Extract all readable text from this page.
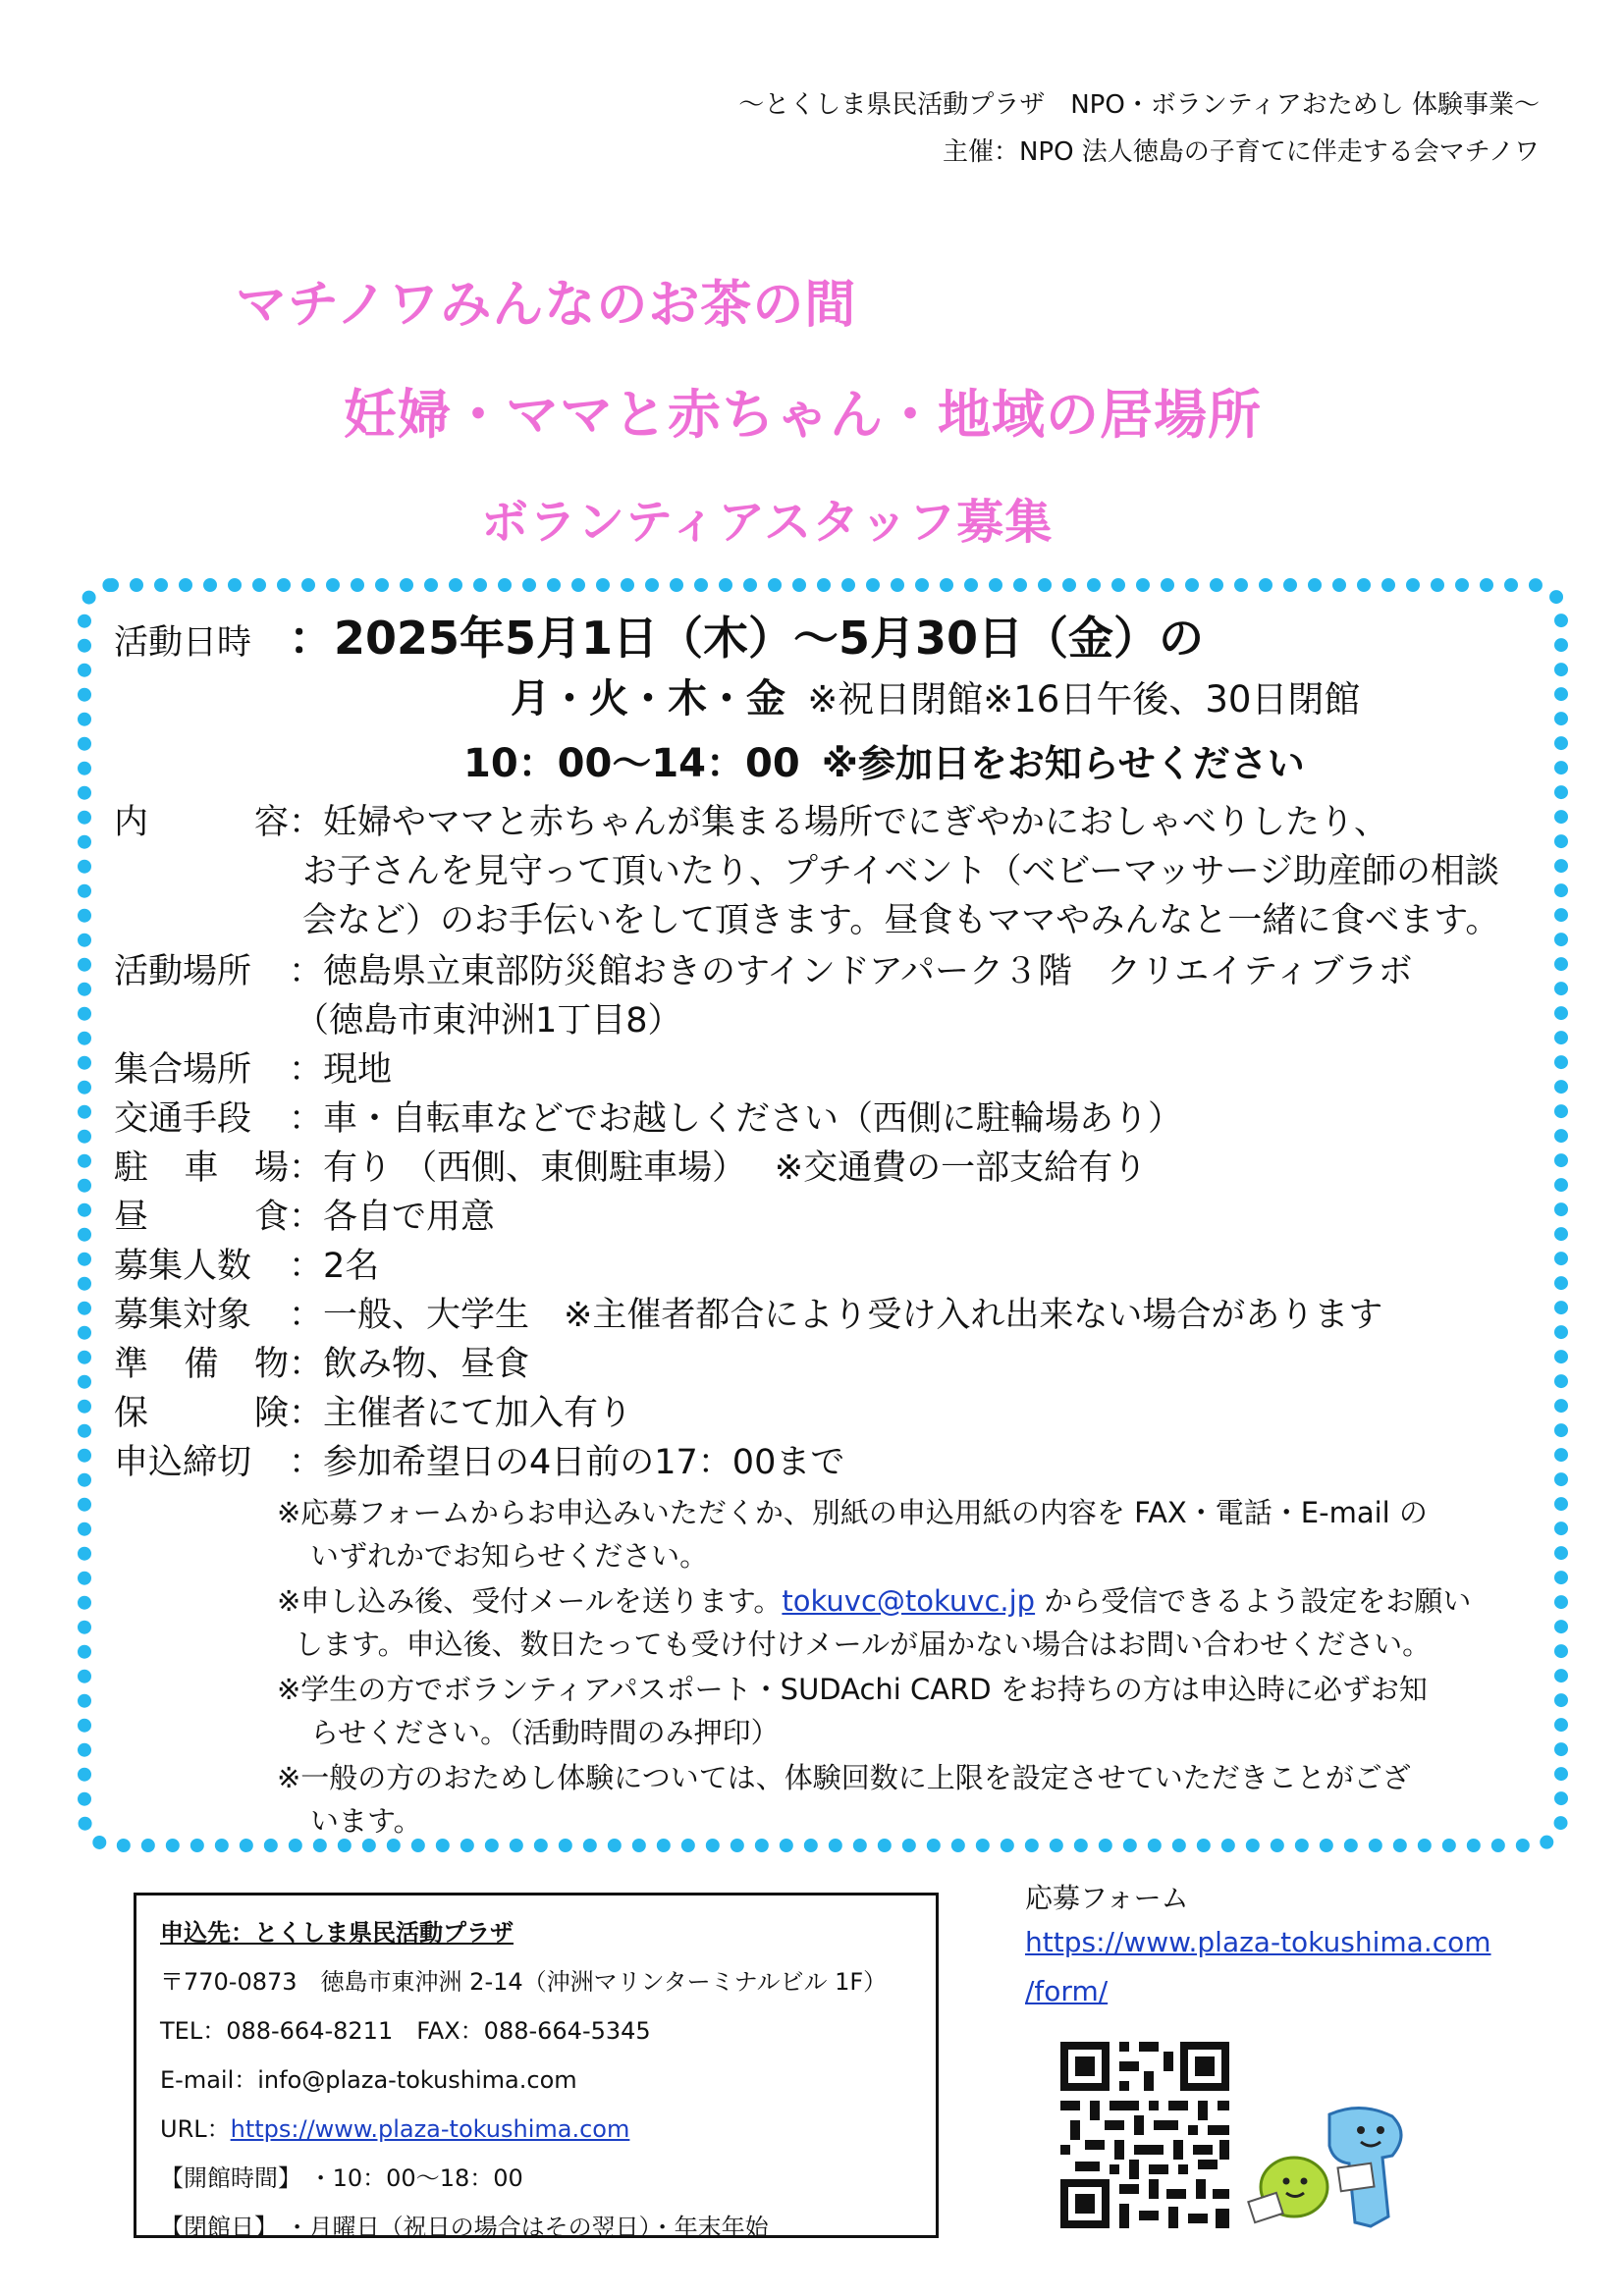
～とくしま県民活動プラザ　NPO・ボランティアおためし 体験事業～
主催：NPO 法人徳島の子育てに伴走する会マチノワ
マチノワみんなのお茶の間
妊婦・ママと赤ちゃん・地域の居場所
ボランティアスタッフ募集
活動日時 ：2025年5月1日（木）～5月30日（金）の
月・火・木・金 ※祝日閉館※16日午後、30日閉館
10：00～14：00 ※参加日をお知らせください
内容：妊婦やママと赤ちゃんが集まる場所でにぎやかにおしゃべりしたり、
お子さんを見守って頂いたり、プチイベント（ベビーマッサージ助産師の相談
会など）のお手伝いをして頂きます。昼食もママやみんなと一緒に食べます。
活動場所 ：徳島県立東部防災館おきのすインドアパーク３階　クリエイティブラボ
（徳島市東沖洲1丁目8）
集合場所 ：現地
交通手段 ：車・自転車などでお越しください（西側に駐輪場あり）
駐車場：有り （西側、東側駐車場）　 ※交通費の一部支給有り
昼食：各自で用意
募集人数 ：2名
募集対象 ：一般、大学生　※主催者都合により受け入れ出来ない場合があります
準備物：飲み物、昼食
保険：主催者にて加入有り
申込締切 ：参加希望日の4日前の17：00まで
※応募フォームからお申込みいただくか、別紙の申込用紙の内容を FAX・電話・E-mail の
いずれかでお知らせください。
※申し込み後、受付メールを送ります。tokuvc@tokuvc.jp から受信できるよう設定をお願い
します。申込後、数日たっても受け付けメールが届かない場合はお問い合わせください。
※学生の方でボランティアパスポート・SUDAchi CARD をお持ちの方は申込時に必ずお知
らせください。（活動時間のみ押印）
※一般の方のおためし体験については、体験回数に上限を設定させていただきことがござ
います。
申込先：とくしま県民活動プラザ
〒770-0873　徳島市東沖洲 2-14（沖洲マリンターミナルビル 1F）
TEL：088-664-8211　FAX：088-664-5345
E-mail：info@plaza-tokushima.com
URL：https://www.plaza-tokushima.com
【開館時間】 ・10：00～18：00
【閉館日】 ・月曜日（祝日の場合はその翌日）・年末年始
応募フォーム
https://www.plaza-tokushima.com
/form/
